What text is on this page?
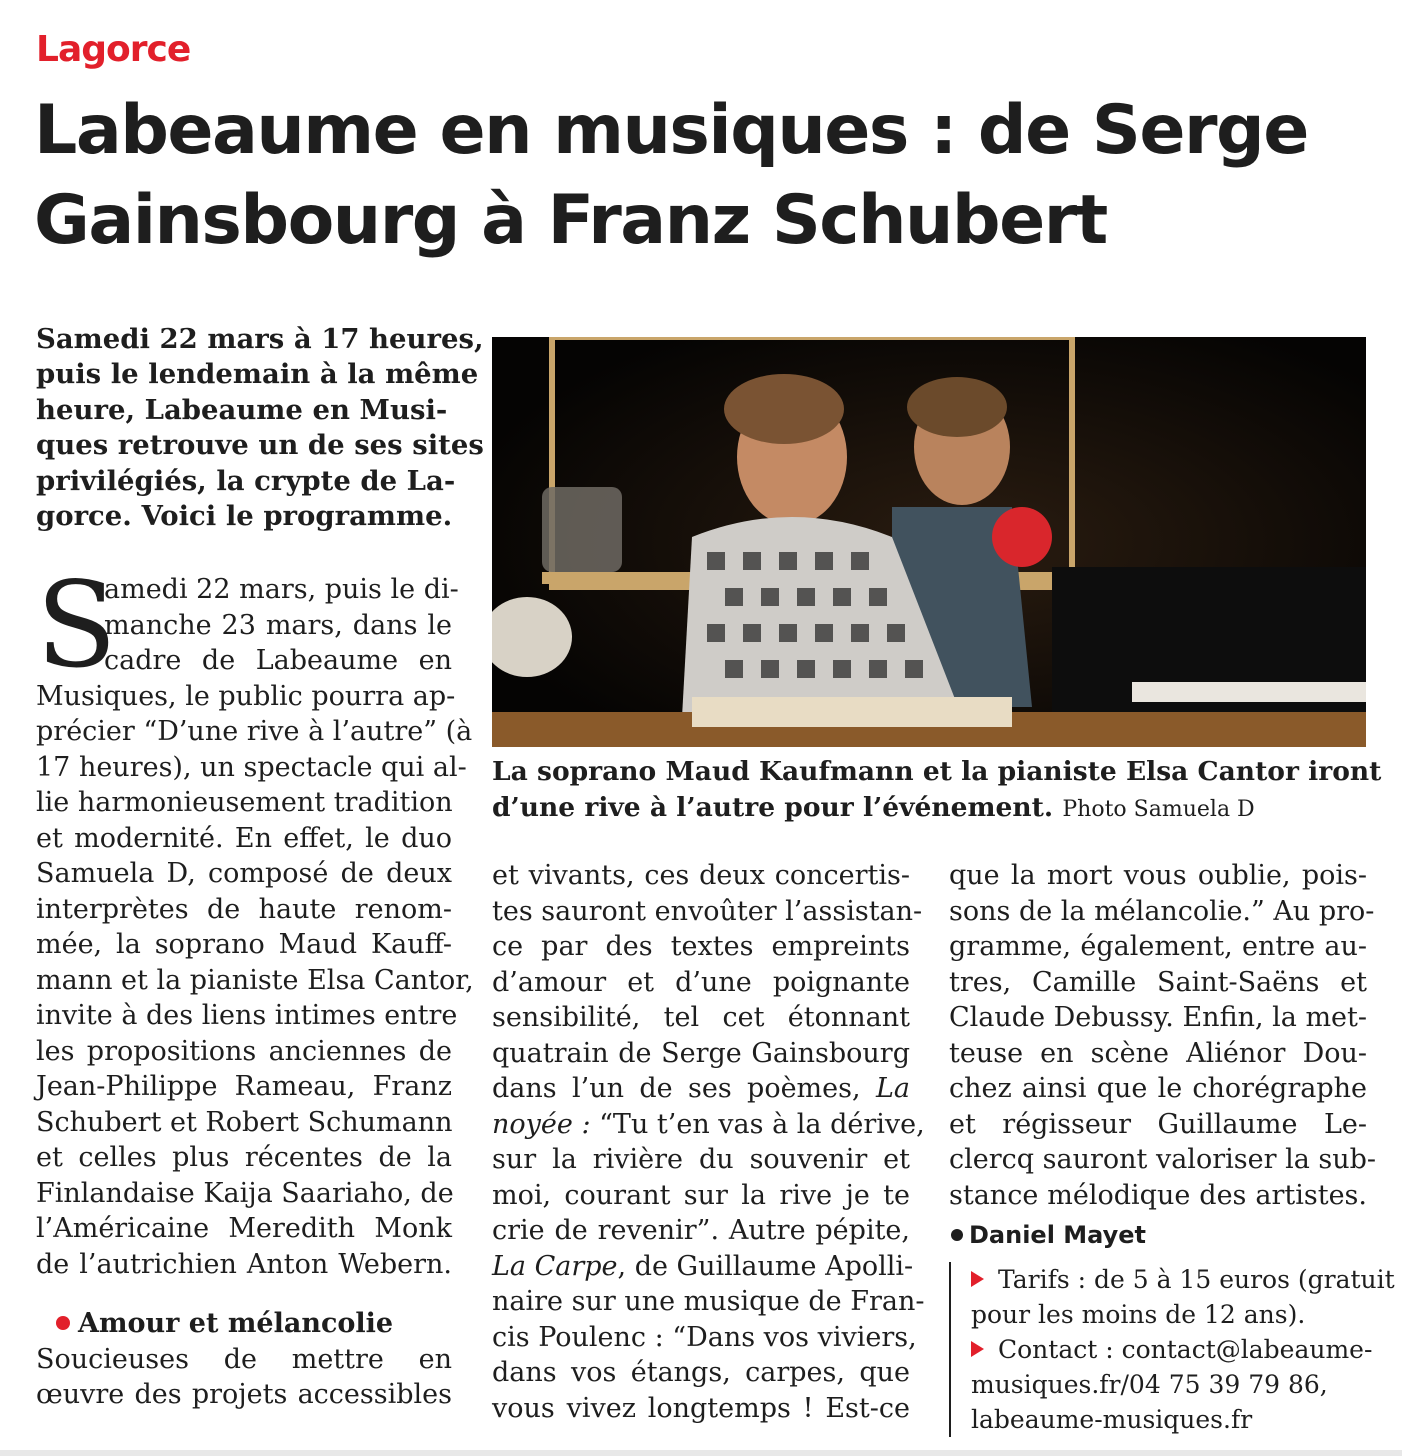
Lagorce
Labeaume en musiques : de Serge
Gainsbourg à Franz Schubert
Samedi 22 mars à 17 heures,
puis le lendemain à la même
heure, Labeaume en Musi-
ques retrouve un de ses sites
privilégiés, la crypte de La-
gorce. Voici le programme.
S
amedi 22 mars, puis le di-
manche 23 mars, dans le
cadre de Labeaume en
Musiques, le public pourra ap-
précier “D’une rive à l’autre” (à
17 heures), un spectacle qui al-
lie harmonieusement tradition
et modernité. En effet, le duo
Samuela D, composé de deux
interprètes de haute renom-
mée, la soprano Maud Kauff-
mann et la pianiste Elsa Cantor,
invite à des liens intimes entre
les propositions anciennes de
Jean-Philippe Rameau, Franz
Schubert et Robert Schumann
et celles plus récentes de la
Finlandaise Kaija Saariaho, de
l’Américaine Meredith Monk
de l’autrichien Anton Webern.
Amour et mélancolie
Soucieuses de mettre en
œuvre des projets accessibles
La soprano Maud Kaufmann et la pianiste Elsa Cantor iront
d’une rive à l’autre pour l’événement. Photo Samuela D
et vivants, ces deux concertis-
tes sauront envoûter l’assistan-
ce par des textes empreints
d’amour et d’une poignante
sensibilité, tel cet étonnant
quatrain de Serge Gainsbourg
dans l’un de ses poèmes, La
noyée : “Tu t’en vas à la dérive,
sur la rivière du souvenir et
moi, courant sur la rive je te
crie de revenir”. Autre pépite,
La Carpe, de Guillaume Apolli-
naire sur une musique de Fran-
cis Poulenc : “Dans vos viviers,
dans vos étangs, carpes, que
vous vivez longtemps ! Est-ce
que la mort vous oublie, pois-
sons de la mélancolie.” Au pro-
gramme, également, entre au-
tres, Camille Saint-Saëns et
Claude Debussy. Enfin, la met-
teuse en scène Aliénor Dou-
chez ainsi que le chorégraphe
et régisseur Guillaume Le-
clercq sauront valoriser la sub-
stance mélodique des artistes.
Daniel Mayet
Tarifs : de 5 à 15 euros (gratuit
pour les moins de 12 ans).
Contact : contact@labeaume-
musiques.fr/04 75 39 79 86,
labeaume-musiques.fr
